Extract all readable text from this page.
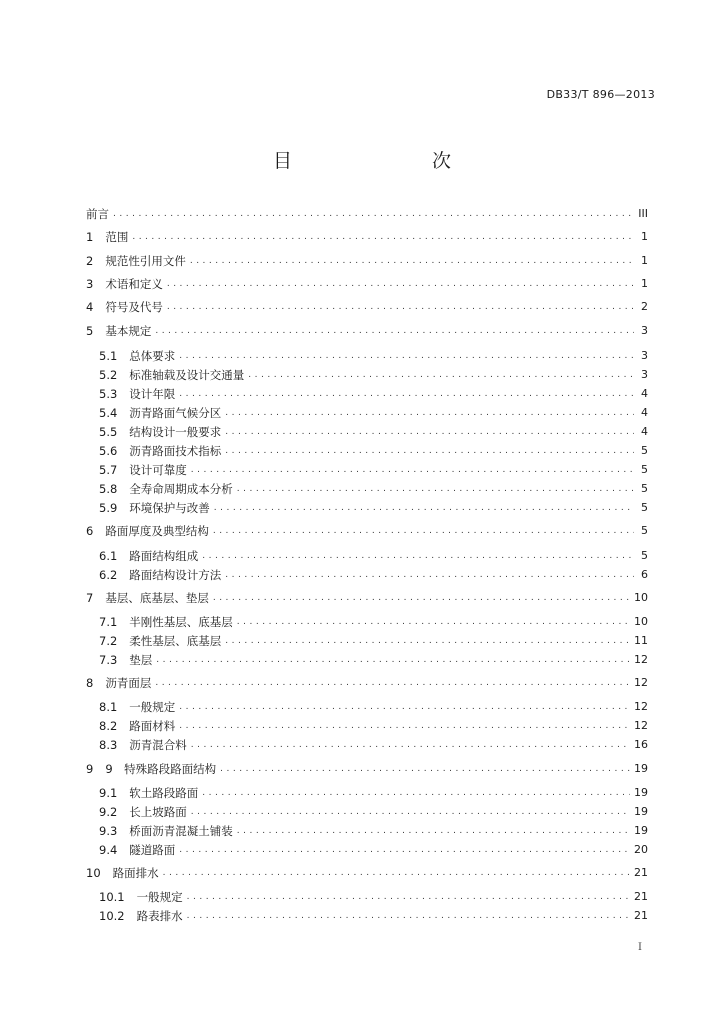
DB33/T 896—2013
目　　次
前言 .....	III
1 范围 .....	1
2 规范性引用文件 .....	1
3 术语和定义 .....	1
4 符号及代号 .....	2
5 基本规定 .....	3
5.1 总体要求 .....	3
5.2 标准轴载及设计交通量 .....	3
5.3 设计年限 .....	4
5.4 沥青路面气候分区 .....	4
5.5 结构设计一般要求 .....	4
5.6 沥青路面技术指标 .....	5
5.7 设计可靠度 .....	5
5.8 全寿命周期成本分析 .....	5
5.9 环境保护与改善 .....	5
6 路面厚度及典型结构 .....	5
6.1 路面结构组成 .....	5
6.2 路面结构设计方法 .....	6
7 基层、底基层、垫层 .....	10
7.1 半刚性基层、底基层 .....	10
7.2 柔性基层、底基层 .....	11
7.3 垫层 .....	12
8 沥青面层 .....	12
8.1 一般规定 .....	12
8.2 路面材料 .....	12
8.3 沥青混合料 .....	16
9 9　特殊路段路面结构 .....	19
9.1 软土路段路面 .....	19
9.2 长上坡路面 .....	19
9.3 桥面沥青混凝土铺装 .....	19
9.4 隧道路面 .....	20
10 路面排水 .....	21
10.1 一般规定 .....	21
10.2 路表排水 .....	21
I
